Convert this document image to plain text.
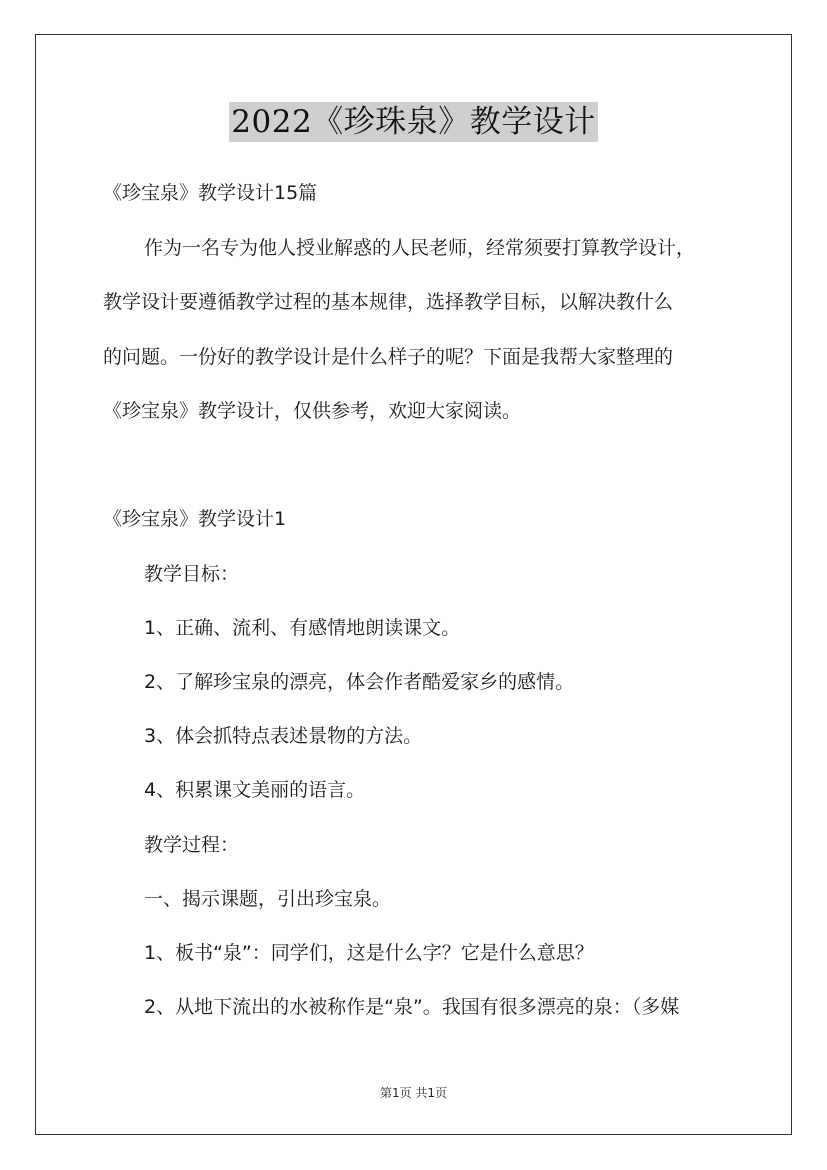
2022《珍珠泉》教学设计
《珍宝泉》教学设计15篇
作为一名专为他人授业解惑的人民老师，经常须要打算教学设计，
教学设计要遵循教学过程的基本规律，选择教学目标，以解决教什么
的问题。一份好的教学设计是什么样子的呢？下面是我帮大家整理的
《珍宝泉》教学设计，仅供参考，欢迎大家阅读。
《珍宝泉》教学设计1
教学目标：
1、正确、流利、有感情地朗读课文。
2、了解珍宝泉的漂亮，体会作者酷爱家乡的感情。
3、体会抓特点表述景物的方法。
4、积累课文美丽的语言。
教学过程：
一、揭示课题，引出珍宝泉。
1、板书“泉”：同学们，这是什么字？它是什么意思？
2、从地下流出的水被称作是“泉”。我国有很多漂亮的泉：（多媒
第1页 共1页
